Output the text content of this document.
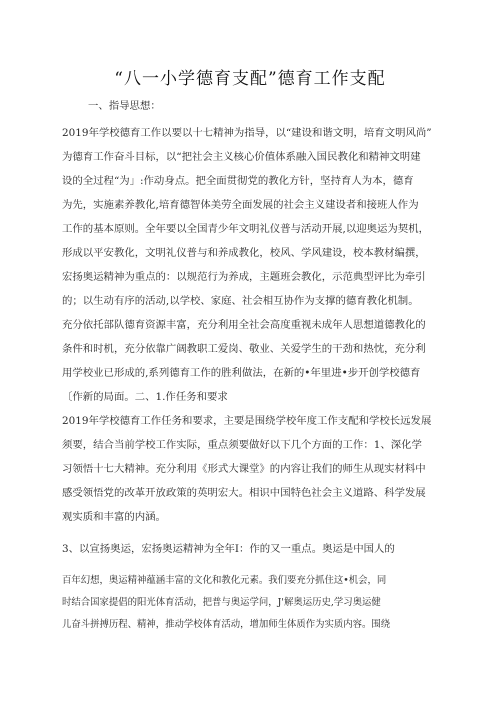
“八一小学德育支配”德育工作支配
一、指导思想：
2019年学校德育工作以要以十七精神为指导，以“建设和谐文明，培育文明风尚”
为德育工作奋斗目标，以“把社会主义核心价值体系融入国民教化和精神文明建
设的全过程“为」:作动身点。把全面贯彻党的教化方针，坚持育人为本，德育
为先，实施素养教化,培育德智体美劳全面发展的社会主义建设者和接班人作为
工作的基本原则。全年要以全国青少年文明礼仪普与活动开展,以迎奥运为契机，
形成以平安教化，文明礼仪普与和养成教化，校风、学风建设，校本教材编撰，
宏扬奥运精神为重点的：以规范行为养成，主题班会教化，示范典型评比为牵引
的；以生动有序的活动,以学校、家庭、社会相互协作为支撑的德育教化机制。
充分依托部队德育资源丰富，充分利用全社会高度重视未成年人思想道德教化的
条件和时机，充分依靠广阔教职工爱岗、敬业、关爱学生的干劲和热忱，充分利
用学校业已形成的,系列德育工作的胜利做法，在新的•年里进•步开创学校德育
〔作新的局面。二、1.作任务和要求
2019年学校德育工作任务和要求，主要是围绕学校年度工作支配和学校长远发展
须要，结合当前学校工作实际，重点须要做好以下几个方面的工作：1、深化学
习领悟十七大精神。充分利用《形式大课堂》的内容让我们的师生从现实材料中
感受领悟党的改革开放政策的英明宏大。相识中国特色社会主义道路、科学发展
观实质和丰富的内涵。
3、以宣扬奥运，宏扬奥运精神为全年I：作的又一重点。奥运是中国人的
百年幻想，奥运精神蕴涵丰富的文化和教化元素。我们要充分抓住这•机会，同
时结合国家提倡的阳光体育活动，把普与奥运学问，J'解奥运历史,学习奥运健
儿奋斗拼搏历程、精神，推动学校体育活动，增加师生体质作为实质内容。围绕
